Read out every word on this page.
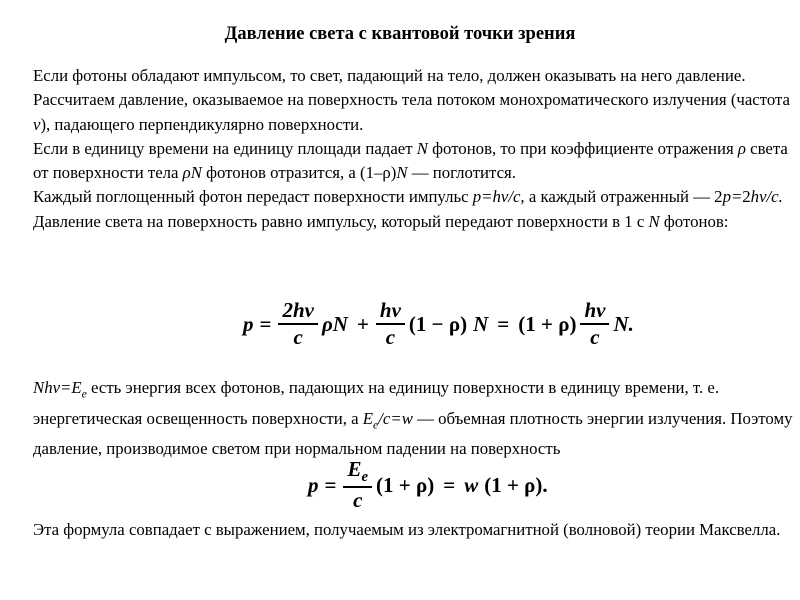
Давление света с квантовой точки зрения

Если фотоны обладают импульсом, то свет, падающий на тело, должен оказывать на него давление.

Рассчитаем давление, оказываемое на поверхность тела потоком монохроматического излучения (частота ν), падающего перпендикулярно поверхности.

Если в единицу времени на единицу площади падает N фотонов, то при коэффициенте отражения ρ света от поверхности тела ρN фотонов отразится, а (1–ρ)N — поглотится.

Каждый поглощенный фотон передаст поверхности импульс p=hν/c, а каждый отраженный — 2p=2hν/c.

Давление света на поверхность равно импульсу, который передают поверхности в 1 с N фотонов:

$p = \frac{2h\nu}{c}$ $\rho N + \frac{h\nu}{c} (1 - \rho) N = (1 + \rho) \frac{h\nu}{c} N$.

$Nh\nu=E_e$ есть энергия всех фотонов, падающих на единицу поверхности в единицу времени, т. е. энергетическая освещенность поверхности, а $E_e/c=w$ — объемная плотность энергии излучения. Поэтому давление, производимое светом при нормальном падении на поверхность

$p = \frac{E_e}{c} (1 + \rho) = w$ (1 + ρ).

Эта формула совпадает с выражением, получаемым из электромагнитной (волновой) теории Максвелла.
